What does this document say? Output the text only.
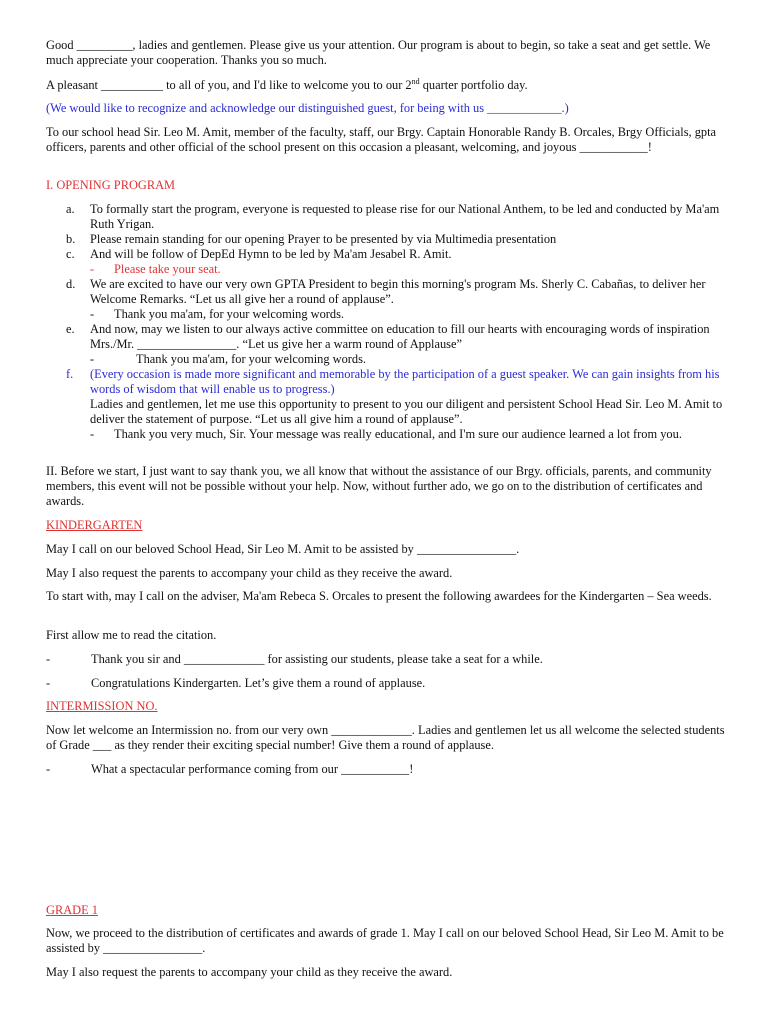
Good _________, ladies and gentlemen. Please give us your attention. Our program is about to begin, so take a seat and get settle. We much appreciate your cooperation. Thanks you so much.

A pleasant __________ to all of you, and I'd like to welcome you to our 2nd quarter portfolio day.

(We would like to recognize and acknowledge our distinguished guest, for being with us ____________.)

To our school head Sir. Leo M. Amit, member of the faculty, staff, our Brgy. Captain Honorable Randy B. Orcales, Brgy Officials, gpta officers, parents and other official of the school present on this occasion a pleasant, welcoming, and joyous ___________!

I. OPENING PROGRAM

a.	To formally start the program, everyone is requested to please rise for our National Anthem, to be led and conducted by Ma'am Ruth Yrigan.
b.	Please remain standing for our opening Prayer to be presented by via Multimedia presentation
c.	And will be follow of DepEd Hymn to be led by Ma'am Jesabel R. Amit.
-	Please take your seat.
d.	We are excited to have our very own GPTA President to begin this morning's program Ms. Sherly C. Cabañas, to deliver her Welcome Remarks. “Let us all give her a round of applause”.
-	Thank you ma'am, for your welcoming words.
e.	And now, may we listen to our always active committee on education to fill our hearts with encouraging words of inspiration Mrs./Mr. ________________. “Let us give her a warm round of Applause”
-	Thank you ma'am, for your welcoming words.
f.	(Every occasion is made more significant and memorable by the participation of a guest speaker. We can gain insights from his words of wisdom that will enable us to progress.)
Ladies and gentlemen, let me use this opportunity to present to you our diligent and persistent School Head Sir. Leo M. Amit to deliver the statement of purpose. “Let us all give him a round of applause”.
-	Thank you very much, Sir. Your message was really educational, and I'm sure our audience learned a lot from you.

II. Before we start, I just want to say thank you, we all know that without the assistance of our Brgy. officials, parents, and community members, this event will not be possible without your help. Now, without further ado, we go on to the distribution of certificates and awards.

KINDERGARTEN

May I call on our beloved School Head, Sir Leo M. Amit to be assisted by ________________.

May I also request the parents to accompany your child as they receive the award.

To start with, may I call on the adviser, Ma'am Rebeca S. Orcales to present the following awardees for the Kindergarten – Sea weeds.

First allow me to read the citation.

-	Thank you sir and _____________ for assisting our students, please take a seat for a while.
-	Congratulations Kindergarten. Let’s give them a round of applause.

INTERMISSION NO.

Now let welcome an Intermission no. from our very own _____________. Ladies and gentlemen let us all welcome the selected students of Grade ___ as they render their exciting special number! Give them a round of applause.

-	What a spectacular performance coming from our ___________!

GRADE 1

Now, we proceed to the distribution of certificates and awards of grade 1. May I call on our beloved School Head, Sir Leo M. Amit to be assisted by ________________.

May I also request the parents to accompany your child as they receive the award.
